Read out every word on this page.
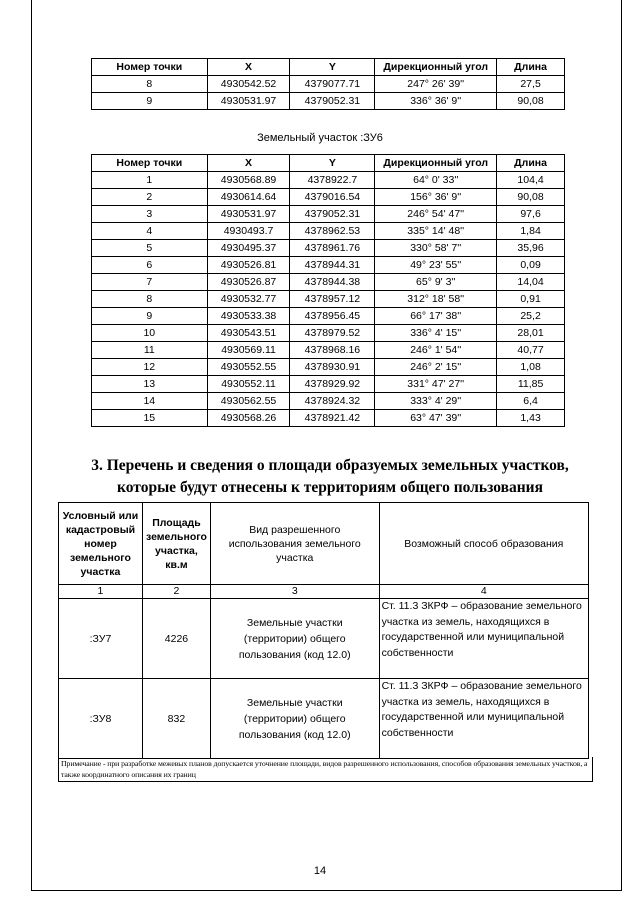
Номер точки	X	Y	Дирекционный угол	Длина
8	4930542.52	4379077.71	247° 26' 39''	27,5
9	4930531.97	4379052.31	336° 36' 9''	90,08
Земельный участок :ЗУ6
Номер точки	X	Y	Дирекционный угол	Длина
1	4930568.89	4378922.7	64° 0' 33''	104,4
2	4930614.64	4379016.54	156° 36' 9''	90,08
3	4930531.97	4379052.31	246° 54' 47''	97,6
4	4930493.7	4378962.53	335° 14' 48''	1,84
5	4930495.37	4378961.76	330° 58' 7''	35,96
6	4930526.81	4378944.31	49° 23' 55''	0,09
7	4930526.87	4378944.38	65° 9' 3''	14,04
8	4930532.77	4378957.12	312° 18' 58''	0,91
9	4930533.38	4378956.45	66° 17' 38''	25,2
10	4930543.51	4378979.52	336° 4' 15''	28,01
11	4930569.11	4378968.16	246° 1' 54''	40,77
12	4930552.55	4378930.91	246° 2' 15''	1,08
13	4930552.11	4378929.92	331° 47' 27''	11,85
14	4930562.55	4378924.32	333° 4' 29''	6,4
15	4930568.26	4378921.42	63° 47' 39''	1,43
3. Перечень и сведения о площади образуемых земельных участков,
которые будут отнесены к территориям общего пользования
Условный или кадастровый номер земельного участка	Площадь земельного участка, кв.м	Вид разрешенного использования земельного участка	Возможный способ образования
1	2	3	4
:ЗУ7	4226	Земельные участки (территории) общего пользования (код 12.0)	Ст. 11.3 ЗКРФ – образование земельного участка из земель, находящихся в государственной или муниципальной собственности
:ЗУ8	832	Земельные участки (территории) общего пользования (код 12.0)	Ст. 11.3 ЗКРФ – образование земельного участка из земель, находящихся в государственной или муниципальной собственности
Примечание - при разработке межевых планов допускается уточнение площади, видов разрешенного использования, способов образования земельных участков, а также координатного описания их границ
14
